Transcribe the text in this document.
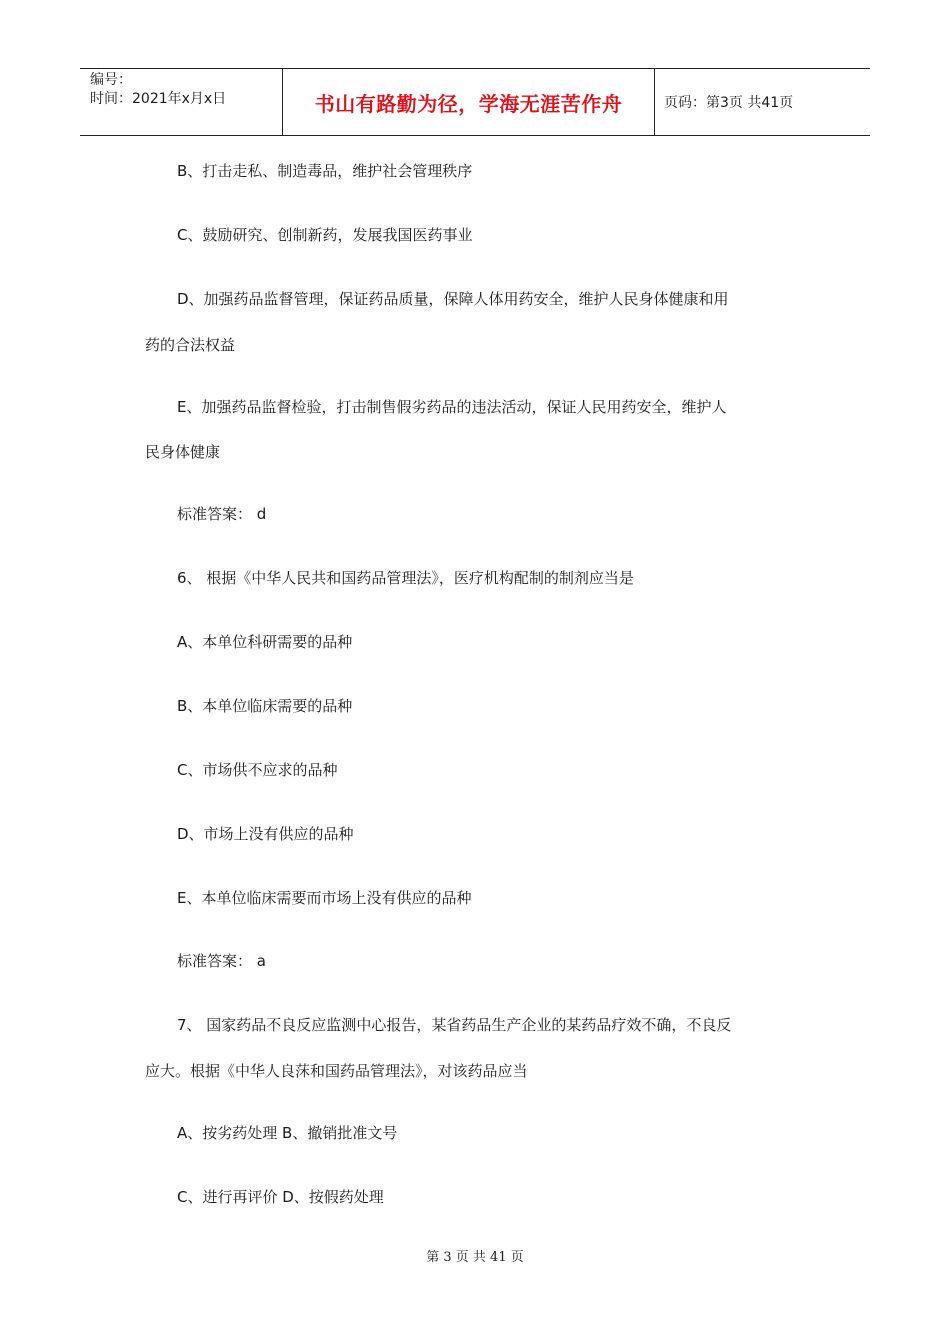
编号：
时间：2021年x月x日	书山有路勤为径，学海无涯苦作舟	页码：第3页 共41页
B、打击走私、制造毒品，维护社会管理秩序
C、鼓励研究、创制新药，发展我国医药事业
D、加强药品监督管理，保证药品质量，保障人体用药安全，维护人民身体健康和用
药的合法权益
E、加强药品监督检验，打击制售假劣药品的违法活动，保证人民用药安全，维护人
民身体健康
标准答案： d
6、 根据《中华人民共和国药品管理法》，医疗机构配制的制剂应当是
A、本单位科研需要的品种
B、本单位临床需要的品种
C、市场供不应求的品种
D、市场上没有供应的品种
E、本单位临床需要而市场上没有供应的品种
标准答案： a
7、 国家药品不良反应监测中心报告，某省药品生产企业的某药品疗效不确，不良反
应大。根据《中华人良莯和国药品管理法》，对该药品应当
A、按劣药处理 B、撤销批准文号
C、进行再评价 D、按假药处理
第 3 页 共 41 页
